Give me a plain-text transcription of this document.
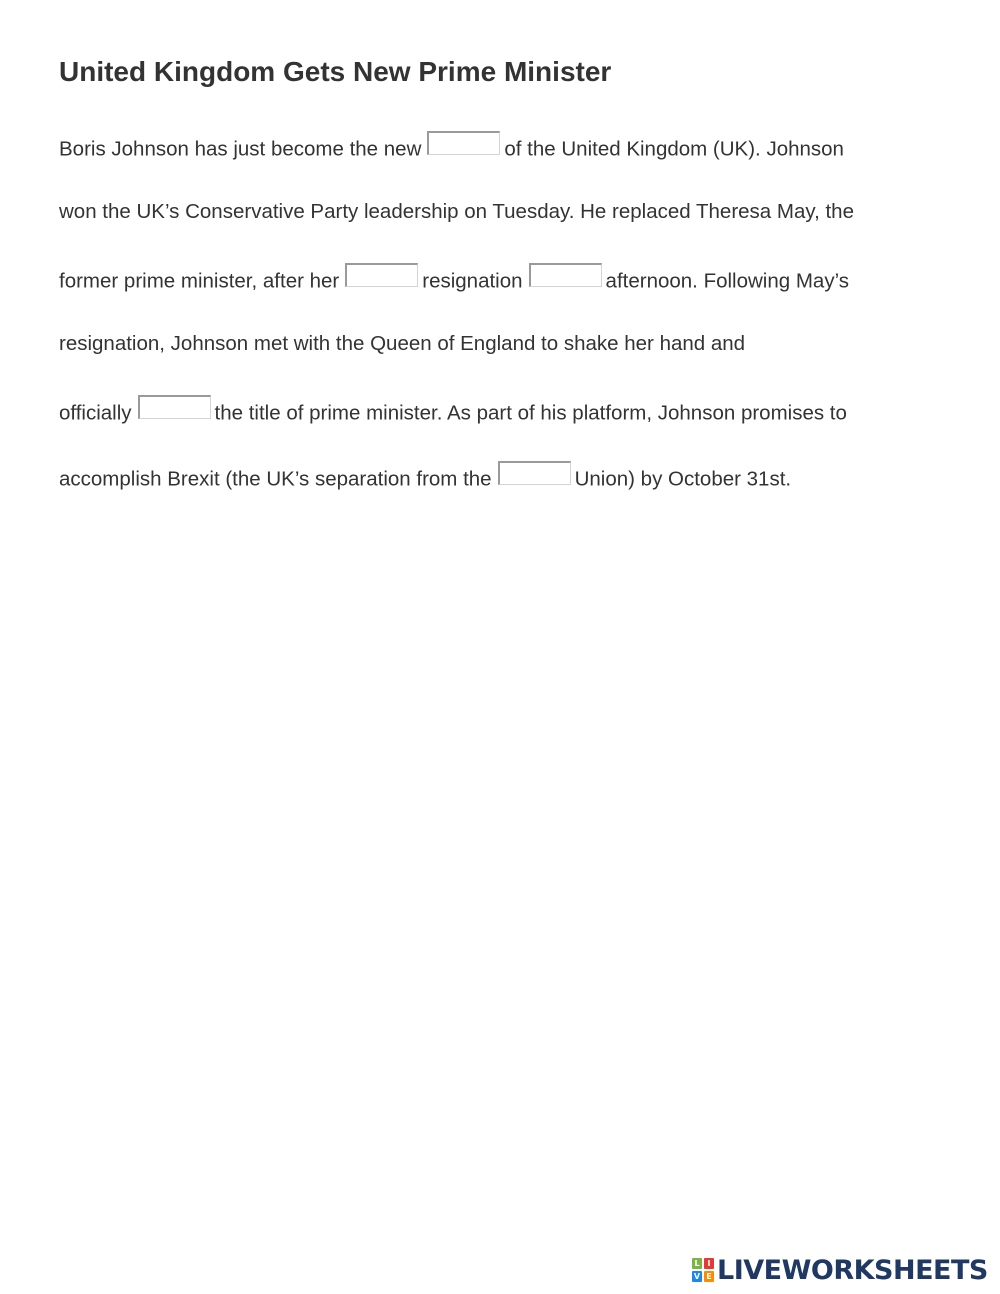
United Kingdom Gets New Prime Minister
Boris Johnson has just become the new	of the United Kingdom (UK). Johnson
won the UK’s Conservative Party leadership on Tuesday. He replaced Theresa May, the
former prime minister, after her	resignation	afternoon. Following May’s
resignation, Johnson met with the Queen of England to shake her hand and
officially	the title of prime minister. As part of his platform, Johnson promises to
accomplish Brexit (the UK’s separation from the	Union) by October 31st.
L I
V E LIVEWORKSHEETS
